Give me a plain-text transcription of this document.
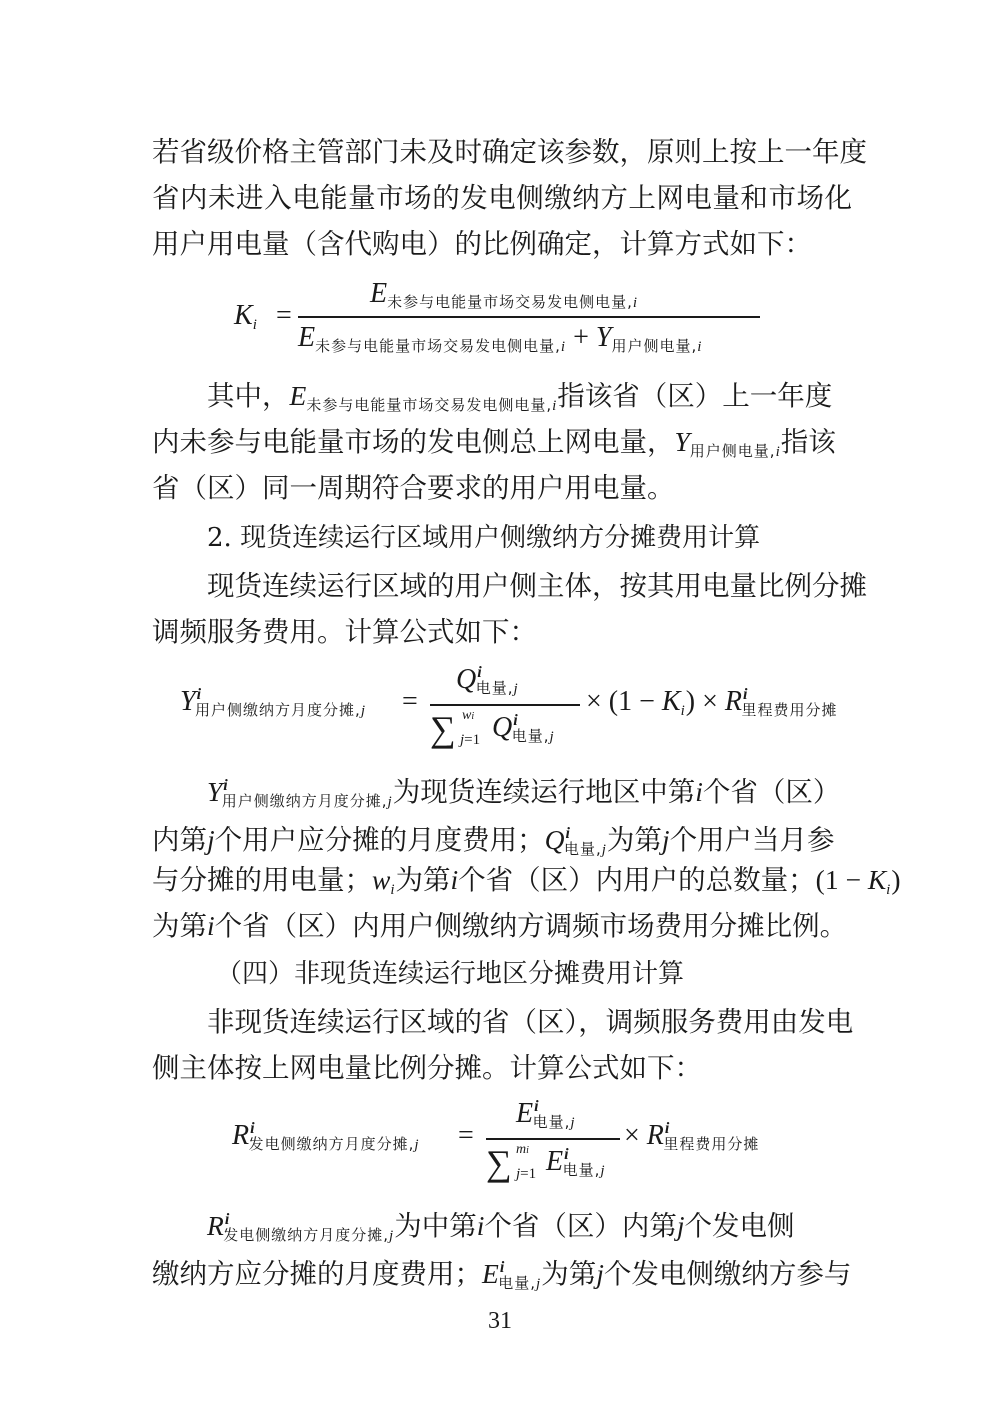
若省级价格主管部门未及时确定该参数，原则上按上一年度
省内未进入电能量市场的发电侧缴纳方上网电量和市场化
用户用电量（含代购电）的比例确定，计算方式如下：
$K_i$ =
$E_{未参与电能量市场交易发电侧电量,i}$
$E_{未参与电能量市场交易发电侧电量,i} + Y_{用户侧电量,i}$
其中，$E_{未参与电能量市场交易发电侧电量,i}$指该省（区）上一年度
内未参与电能量市场的发电侧总上网电量，$Y_{用户侧电量,i}$指该
省（区）同一周期符合要求的用户用电量。
2. 现货连续运行区域用户侧缴纳方分摊费用计算
现货连续运行区域的用户侧主体，按其用电量比例分摊
调频服务费用。计算公式如下：
$Y^i_{用户侧缴纳方月度分摊,j}$ =
$Q^i_{电量,j}$
∑ wi
j=1 $Q^i_{电量,j}$
× $(1 - K_i) \times R^i_{里程费用分摊}$
$Y^i_{用户侧缴纳方月度分摊,j}$为现货连续运行地区中第i个省（区）
内第j个用户应分摊的月度费用；$Q^i_{电量,j}$为第j个用户当月参
与分摊的用电量；$w_i$为第i个省（区）内用户的总数量；$(1 - K_i)$
为第i个省（区）内用户侧缴纳方调频市场费用分摊比例。
（四）非现货连续运行地区分摊费用计算
非现货连续运行区域的省（区），调频服务费用由发电
侧主体按上网电量比例分摊。计算公式如下：
$R^i_{发电侧缴纳方月度分摊,j}$ =
$E^i_{电量,j}$
∑ mi
j=1 $E^i_{电量,j}$
× $R^i_{里程费用分摊}$
$R^i_{发电侧缴纳方月度分摊,j}$为中第i个省（区）内第j个发电侧
缴纳方应分摊的月度费用；$E^i_{电量,j}$为第j个发电侧缴纳方参与
31
